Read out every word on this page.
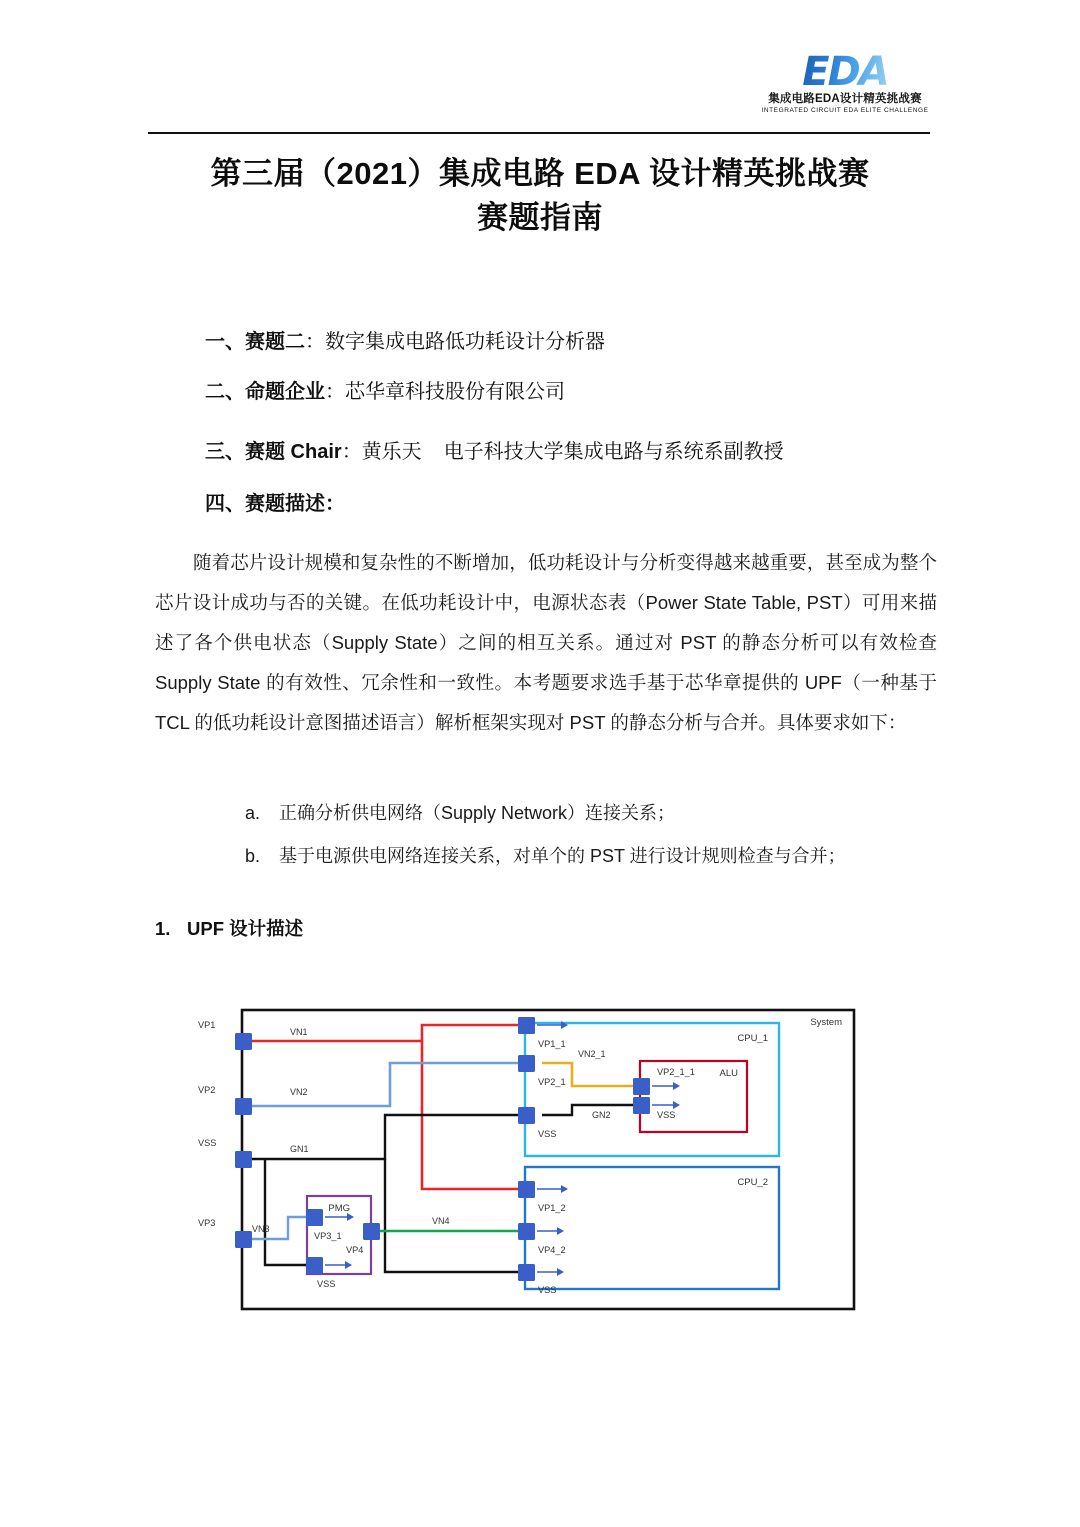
EDA
集成电路EDA设计精英挑战赛
INTEGRATED CIRCUIT EDA ELITE CHALLENGE
第三届（2021）集成电路 EDA 设计精英挑战赛
赛题指南
一、赛题二：数字集成电路低功耗设计分析器
二、命题企业：芯华章科技股份有限公司
三、赛题 Chair：黄乐天 电子科技大学集成电路与系统系副教授
四、赛题描述：
随着芯片设计规模和复杂性的不断增加，低功耗设计与分析变得越来越重要，甚至成为整个芯片设计成功与否的关键。在低功耗设计中，电源状态表（Power State Table, PST）可用来描述了各个供电状态（Supply State）之间的相互关系。通过对 PST 的静态分析可以有效检查 Supply State 的有效性、冗余性和一致性。本考题要求选手基于芯华章提供的 UPF（一种基于 TCL 的低功耗设计意图描述语言）解析框架实现对 PST 的静态分析与合并。具体要求如下：
a. 正确分析供电网络（Supply Network）连接关系；
b. 基于电源供电网络连接关系，对单个的 PST 进行设计规则检查与合并；
1. UPF 设计描述
System
CPU_1
ALU
CPU_2
PMG
VN1
VN2
GN1
VN3
VN4
VN2_1
GN2
VP1
VP2
VSS
VP3
VP1_1
VP2_1
VSS
VP2_1_1
VSS
VP1_2
VP4_2
VSS
VP3_1
VSS
VP4
